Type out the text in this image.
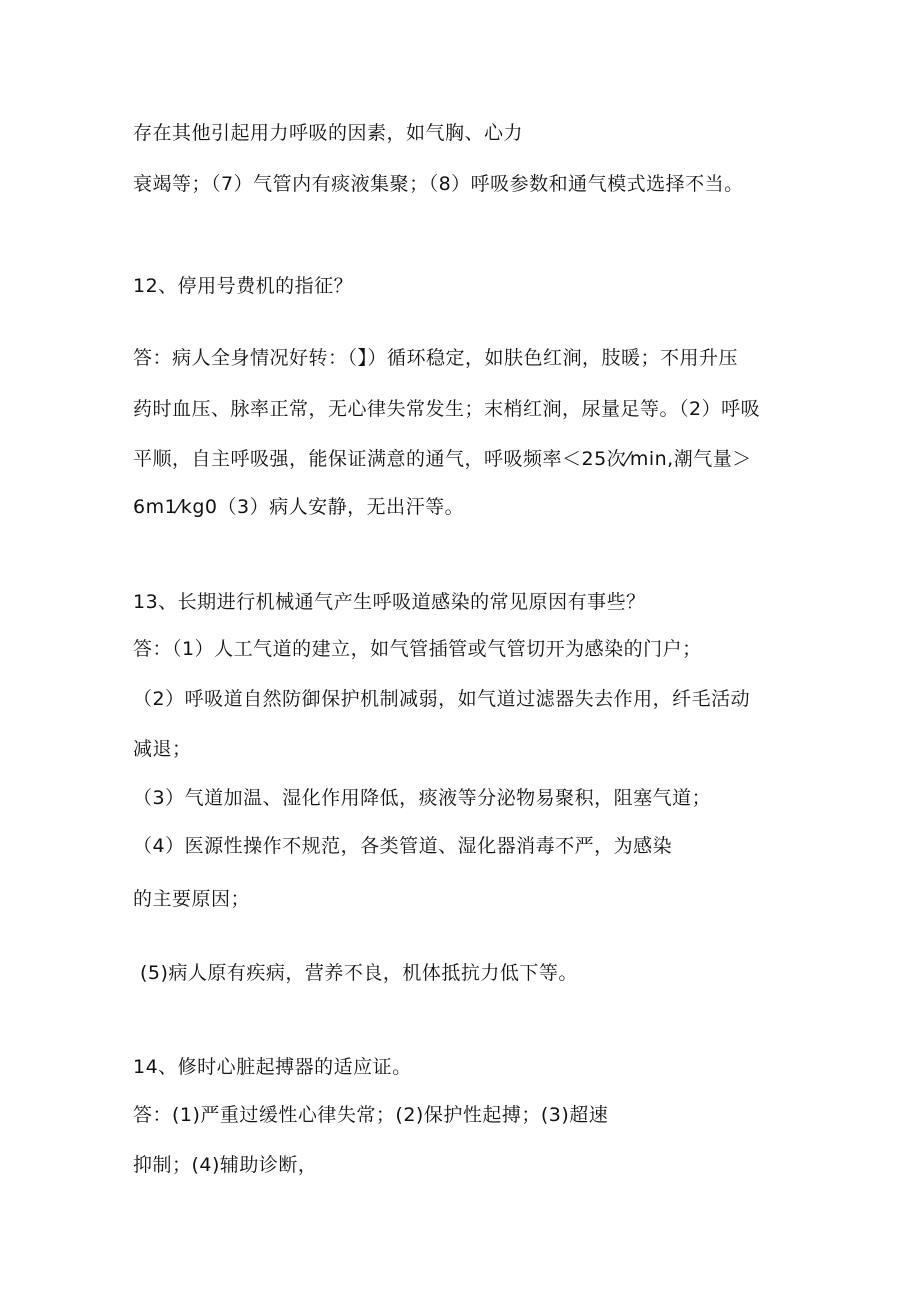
存在其他引起用力呼吸的因素，如气胸、心力
衰竭等；（7）气管内有痰液集聚；（8）呼吸参数和通气模式选择不当。
12、停用号费机的指征？
答：病人全身情况好转：（】）循环稳定，如肤色红涧，肢暖；不用升压
药时血压、脉率正常，无心律失常发生；末梢红涧，尿量足等。（2）呼吸
平顺，自主呼吸强，能保证满意的通气，呼吸频率＜25次⁄min,潮气量＞
6m1⁄kg0（3）病人安静，无出汗等。
13、长期进行机械通气产生呼吸道感染的常见原因有事些？
答：（1）人工气道的建立，如气管插管或气管切开为感染的门户；
（2）呼吸道自然防御保护机制减弱，如气道过滤器失去作用，纤毛活动
减退；
（3）气道加温、湿化作用降低，痰液等分泌物易聚积，阻塞气道；
（4）医源性操作不规范，各类管道、湿化器消毒不严，为感染
的主要原因；
(5)病人原有疾病，营养不良，机体抵抗力低下等。
14、修时心脏起搏器的适应证。
答：(1)严重过缓性心律失常；(2)保护性起搏；(3)超速
抑制；(4)辅助诊断，
